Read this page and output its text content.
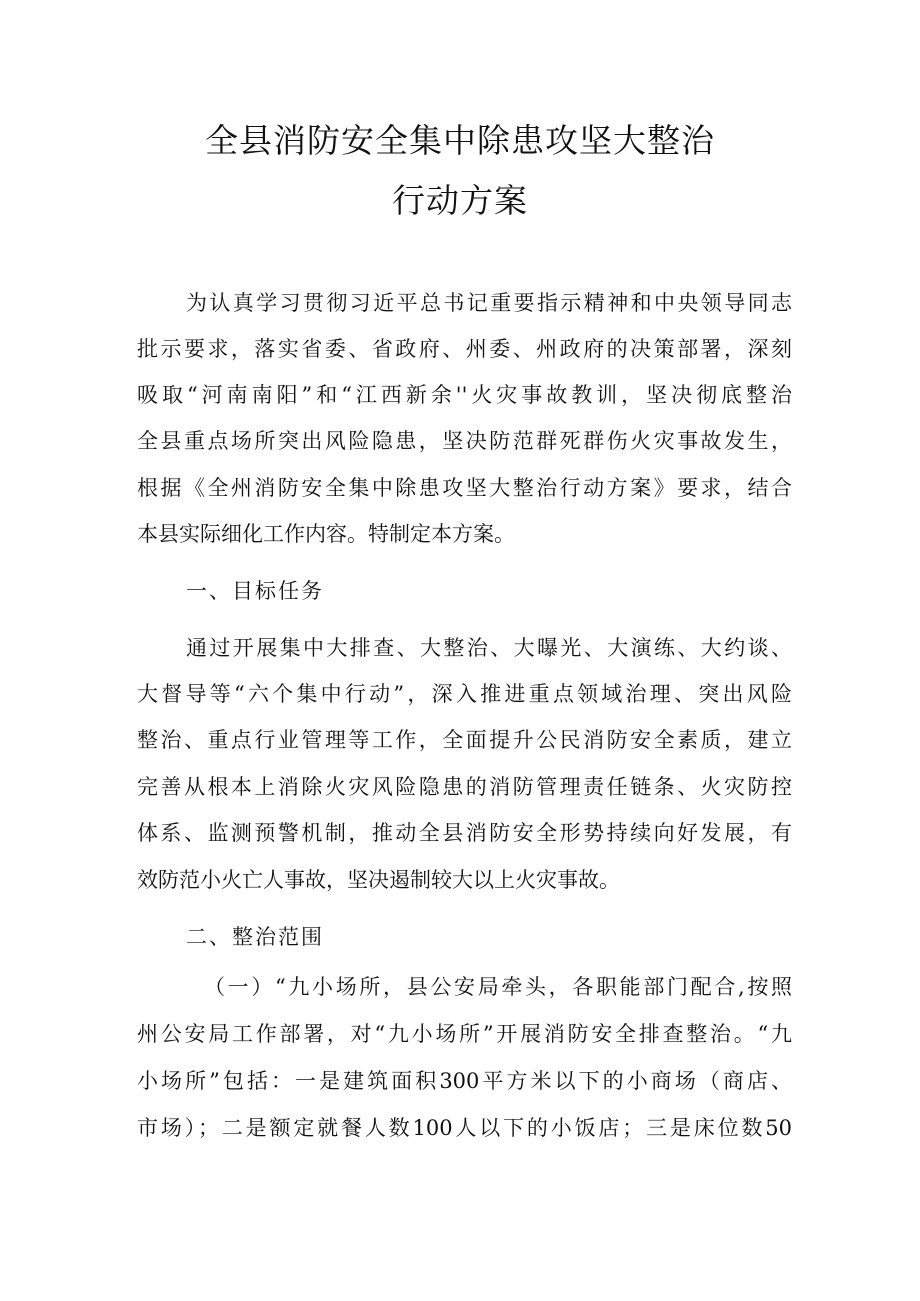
全县消防安全集中除患攻坚大整治
行动方案
为认真学习贯彻习近平总书记重要指示精神和中央领导同志
批示要求，落实省委、省政府、州委、州政府的决策部署，深刻
吸取“河南南阳”和“江西新余''火灾事故教训，坚决彻底整治
全县重点场所突出风险隐患，坚决防范群死群伤火灾事故发生，
根据《全州消防安全集中除患攻坚大整治行动方案》要求，结合
本县实际细化工作内容。特制定本方案。
一、目标任务
通过开展集中大排查、大整治、大曝光、大演练、大约谈、
大督导等“六个集中行动”，深入推进重点领域治理、突出风险
整治、重点行业管理等工作，全面提升公民消防安全素质，建立
完善从根本上消除火灾风险隐患的消防管理责任链条、火灾防控
体系、监测预警机制，推动全县消防安全形势持续向好发展，有
效防范小火亡人事故，坚决遏制较大以上火灾事故。
二、整治范围
（一）“九小场所，县公安局牵头，各职能部门配合,按照
州公安局工作部署，对“九小场所”开展消防安全排查整治。“九
小场所”包括：一是建筑面积300平方米以下的小商场（商店、
市场）；二是额定就餐人数100人以下的小饭店；三是床位数50
